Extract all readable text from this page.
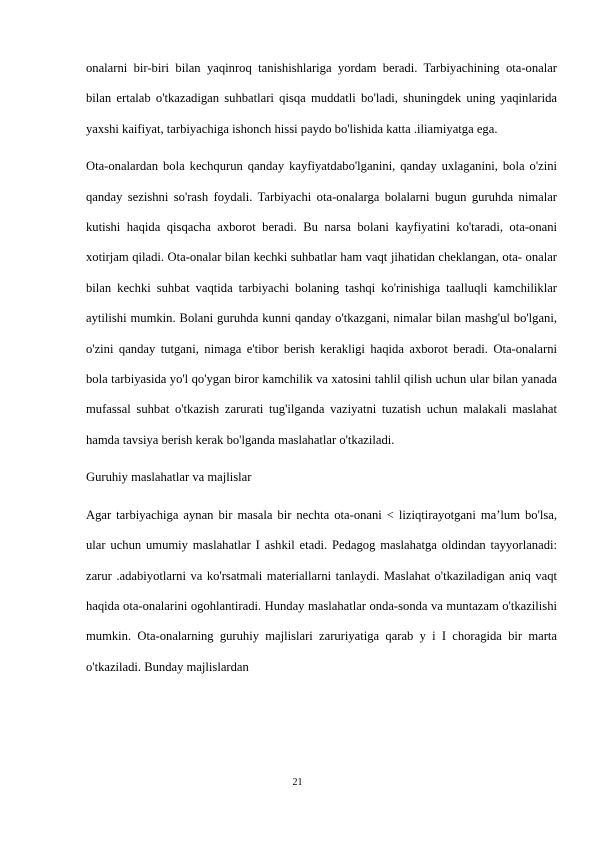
onalarni bir-biri bilan yaqinroq tanishishlariga yordam beradi. Tarbiyachining ota-onalar bilan ertalab o'tkazadigan suhbatlari qisqa muddatli bo'ladi, shuningdek uning yaqinlarida yaxshi kaifiyat, tarbiyachiga ishonch hissi paydo bo'lishida katta .iliamiyatga ega.

Ota-onalardan bola kechqurun qanday kayfiyatdabo'lganini, qanday uxlaganini, bola o'zini qanday sezishni so'rash foydali. Tarbiyachi ota-onalarga bolalarni bugun guruhda nimalar kutishi haqida qisqacha axborot beradi. Bu narsa bolani kayfiyatini ko'taradi, ota-onani xotirjam qiladi. Ota-onalar bilan kechki suhbatlar ham vaqt jihatidan cheklangan, ota- onalar bilan kechki suhbat vaqtida tarbiyachi bolaning tashqi ko'rinishiga taalluqli kamchiliklar aytilishi mumkin. Bolani guruhda kunni qanday o'tkazgani, nimalar bilan mashg'ul bo'lgani, o'zini qanday tutgani, nimaga e'tibor berish kerakligi haqida axborot beradi. Ota-onalarni bola tarbiyasida yo'l qo'ygan biror kamchilik va xatosini tahlil qilish uchun ular bilan yanada mufassal suhbat o'tkazish zarurati tug'ilganda vaziyatni tuzatish uchun malakali maslahat hamda tavsiya berish kerak bo'lganda maslahatlar o'tkaziladi.

Guruhiy maslahatlar va majlislar

Agar tarbiyachiga aynan bir masala bir nechta ota-onani < liziqtirayotgani ma’lum bo'lsa, ular uchun umumiy maslahatlar I ashkil etadi. Pedagog maslahatga oldindan tayyorlanadi: zarur .adabiyotlarni va ko'rsatmali materiallarni tanlaydi. Maslahat o'tkaziladigan aniq vaqt haqida ota-onalarini ogohlantiradi. Hunday maslahatlar onda-sonda va muntazam o'tkazilishi mumkin. Ota-onalarning guruhiy majlislari zaruriyatiga qarab y i I choragida bir marta o'tkaziladi. Bunday majlislardan

21
